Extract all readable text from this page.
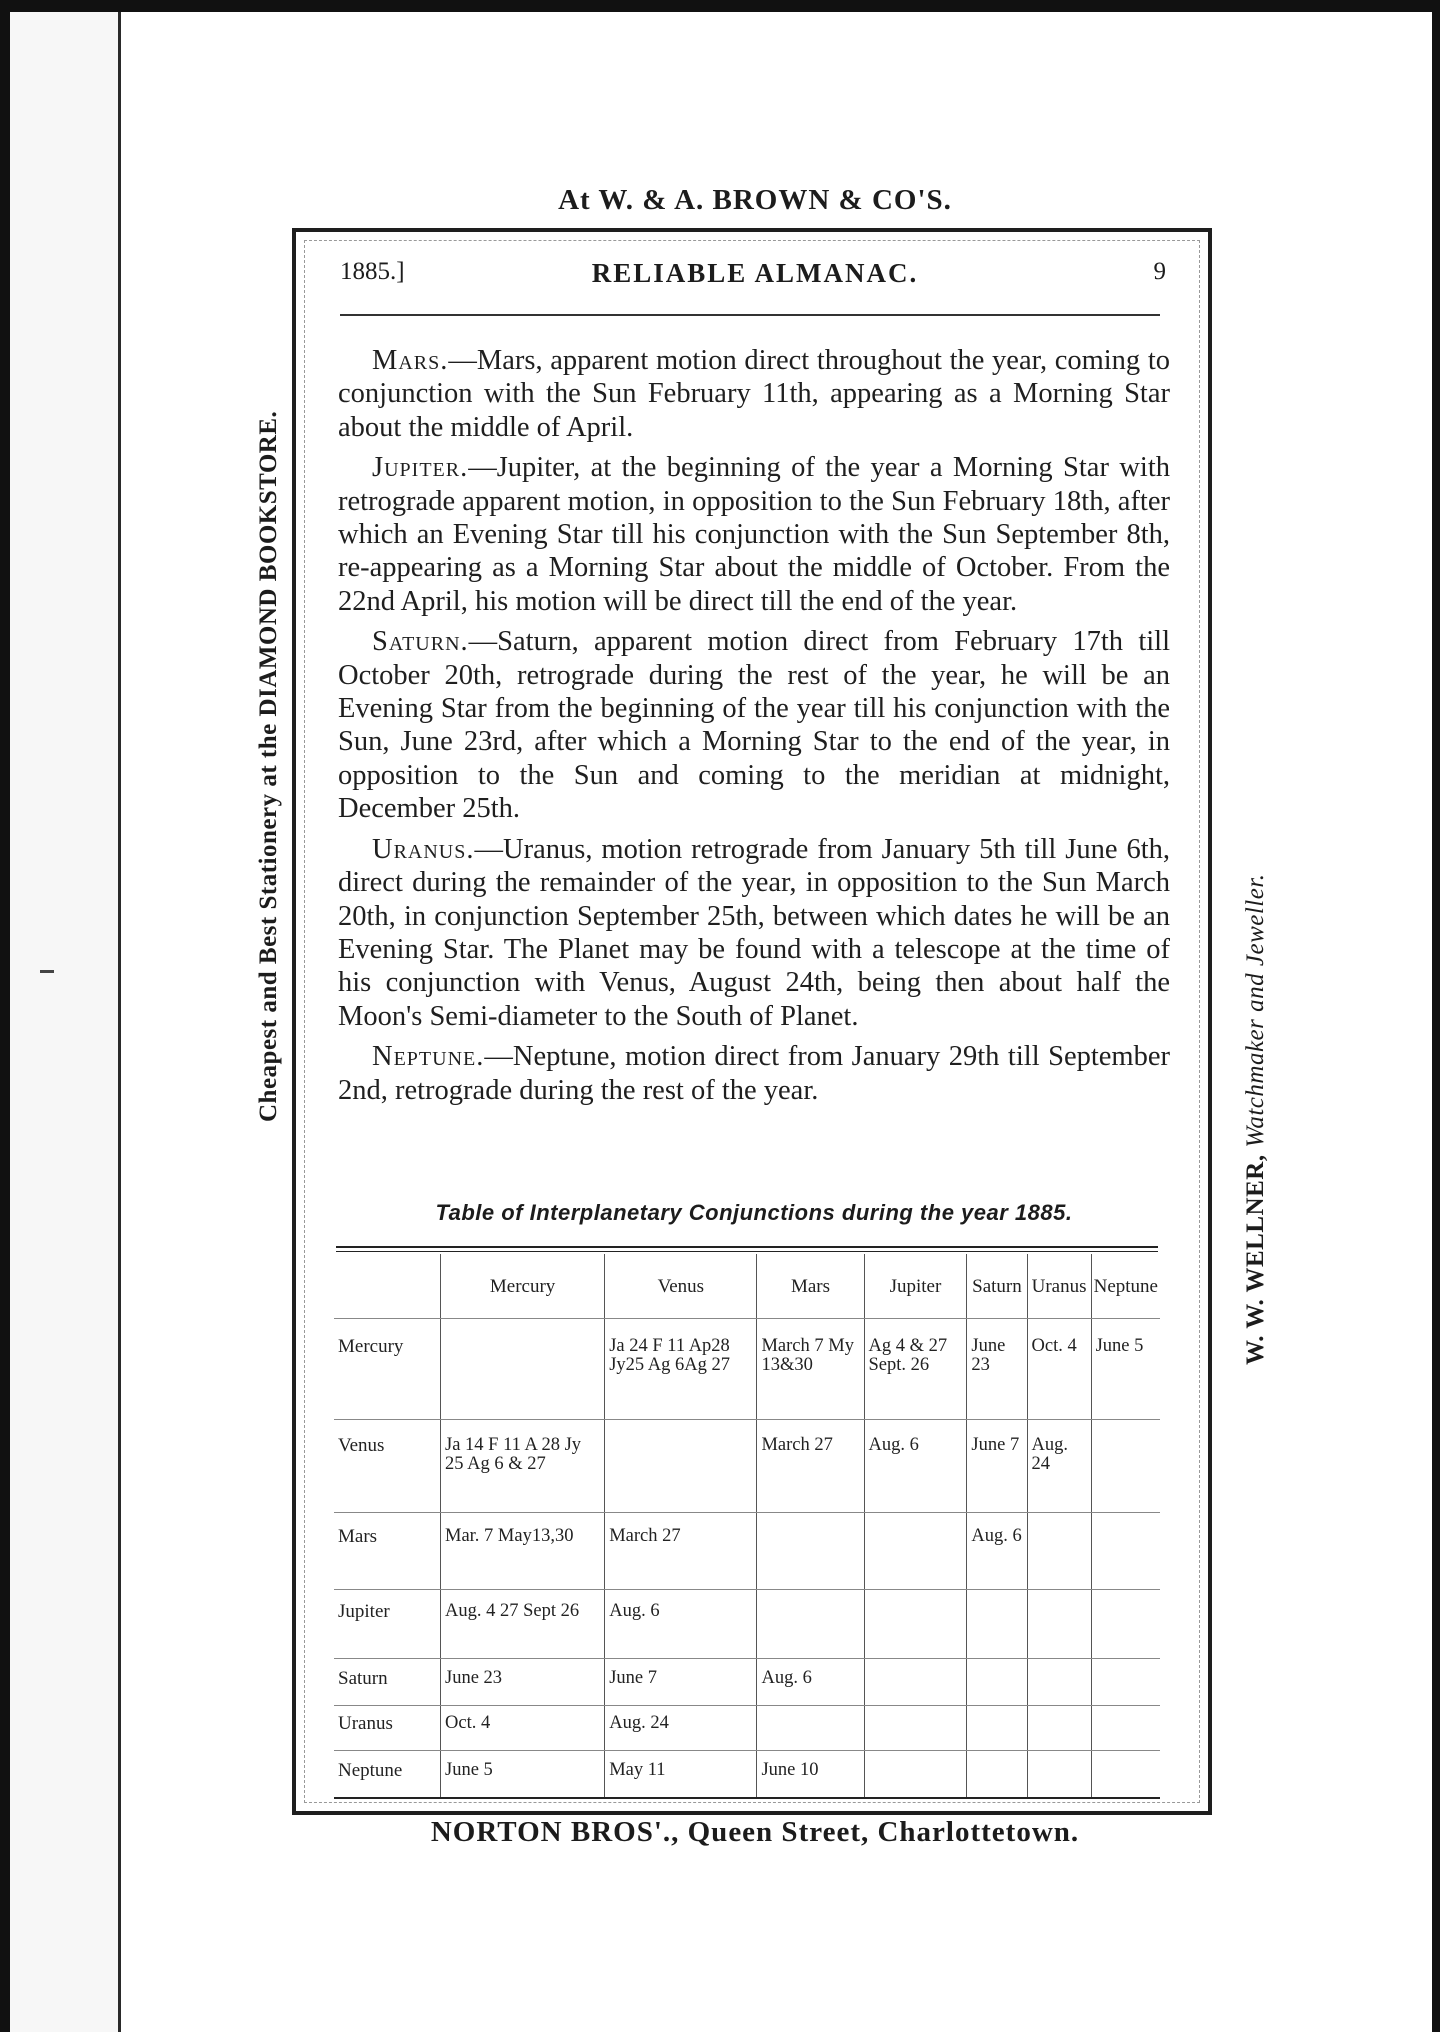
At W. & A. BROWN & CO'S.
Cheapest and Best Stationery at the DIAMOND BOOKSTORE.
W. W. WELLNER, Watchmaker and Jeweller.
1885.]	RELIABLE ALMANAC.	9

Mars.—Mars, apparent motion direct throughout the year, coming to conjunction with the Sun February 11th, appearing as a Morning Star about the middle of April.

Jupiter.—Jupiter, at the beginning of the year a Morning Star with retrograde apparent motion, in opposition to the Sun February 18th, after which an Evening Star till his conjunction with the Sun September 8th, re-appearing as a Morning Star about the middle of October. From the 22nd April, his motion will be direct till the end of the year.

Saturn.—Saturn, apparent motion direct from February 17th till October 20th, retrograde during the rest of the year, he will be an Evening Star from the beginning of the year till his conjunction with the Sun, June 23rd, after which a Morning Star to the end of the year, in opposition to the Sun and coming to the meridian at midnight, December 25th.

Uranus.—Uranus, motion retrograde from January 5th till June 6th, direct during the remainder of the year, in opposition to the Sun March 20th, in conjunction September 25th, between which dates he will be an Evening Star. The Planet may be found with a telescope at the time of his conjunction with Venus, August 24th, being then about half the Moon's Semi-diameter to the South of Planet.

Neptune.—Neptune, motion direct from January 29th till September 2nd, retrograde during the rest of the year.

Table of Interplanetary Conjunctions during the year 1885.
	Mercury	Venus	Mars	Jupiter	Saturn	Uranus	Neptune
Mercury		Ja 24 F 11 Ap28 Jy25 Ag 6Ag 27	March 7 My 13&30	Ag 4 & 27 Sept. 26	June 23	Oct. 4	June 5
Venus	Ja 14 F 11 A 28 Jy 25 Ag 6 & 27		March 27	Aug. 6	June 7	Aug. 24	
Mars	Mar. 7 May13,30	March 27			Aug. 6		
Jupiter	Aug. 4 27 Sept 26	Aug. 6					
Saturn	June 23	June 7	Aug. 6				
Uranus	Oct. 4	Aug. 24					
Neptune	June 5	May 11	June 10				
NORTON BROS'., Queen Street, Charlottetown.
